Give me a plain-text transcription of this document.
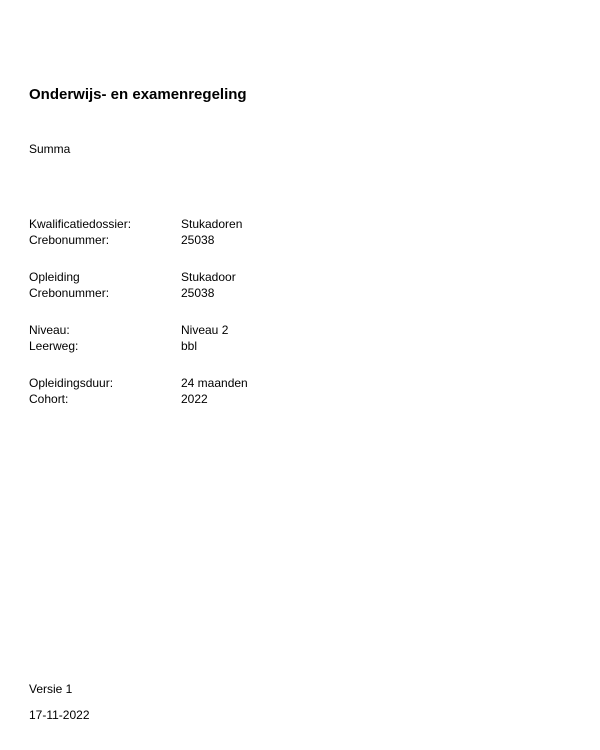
Onderwijs- en examenregeling
Summa
Kwalificatiedossier:	Stukadoren
Crebonummer:	25038
Opleiding	Stukadoor
Crebonummer:	25038
Niveau:	Niveau 2
Leerweg:	bbl
Opleidingsduur:	24 maanden
Cohort:	2022
Versie 1
17-11-2022
